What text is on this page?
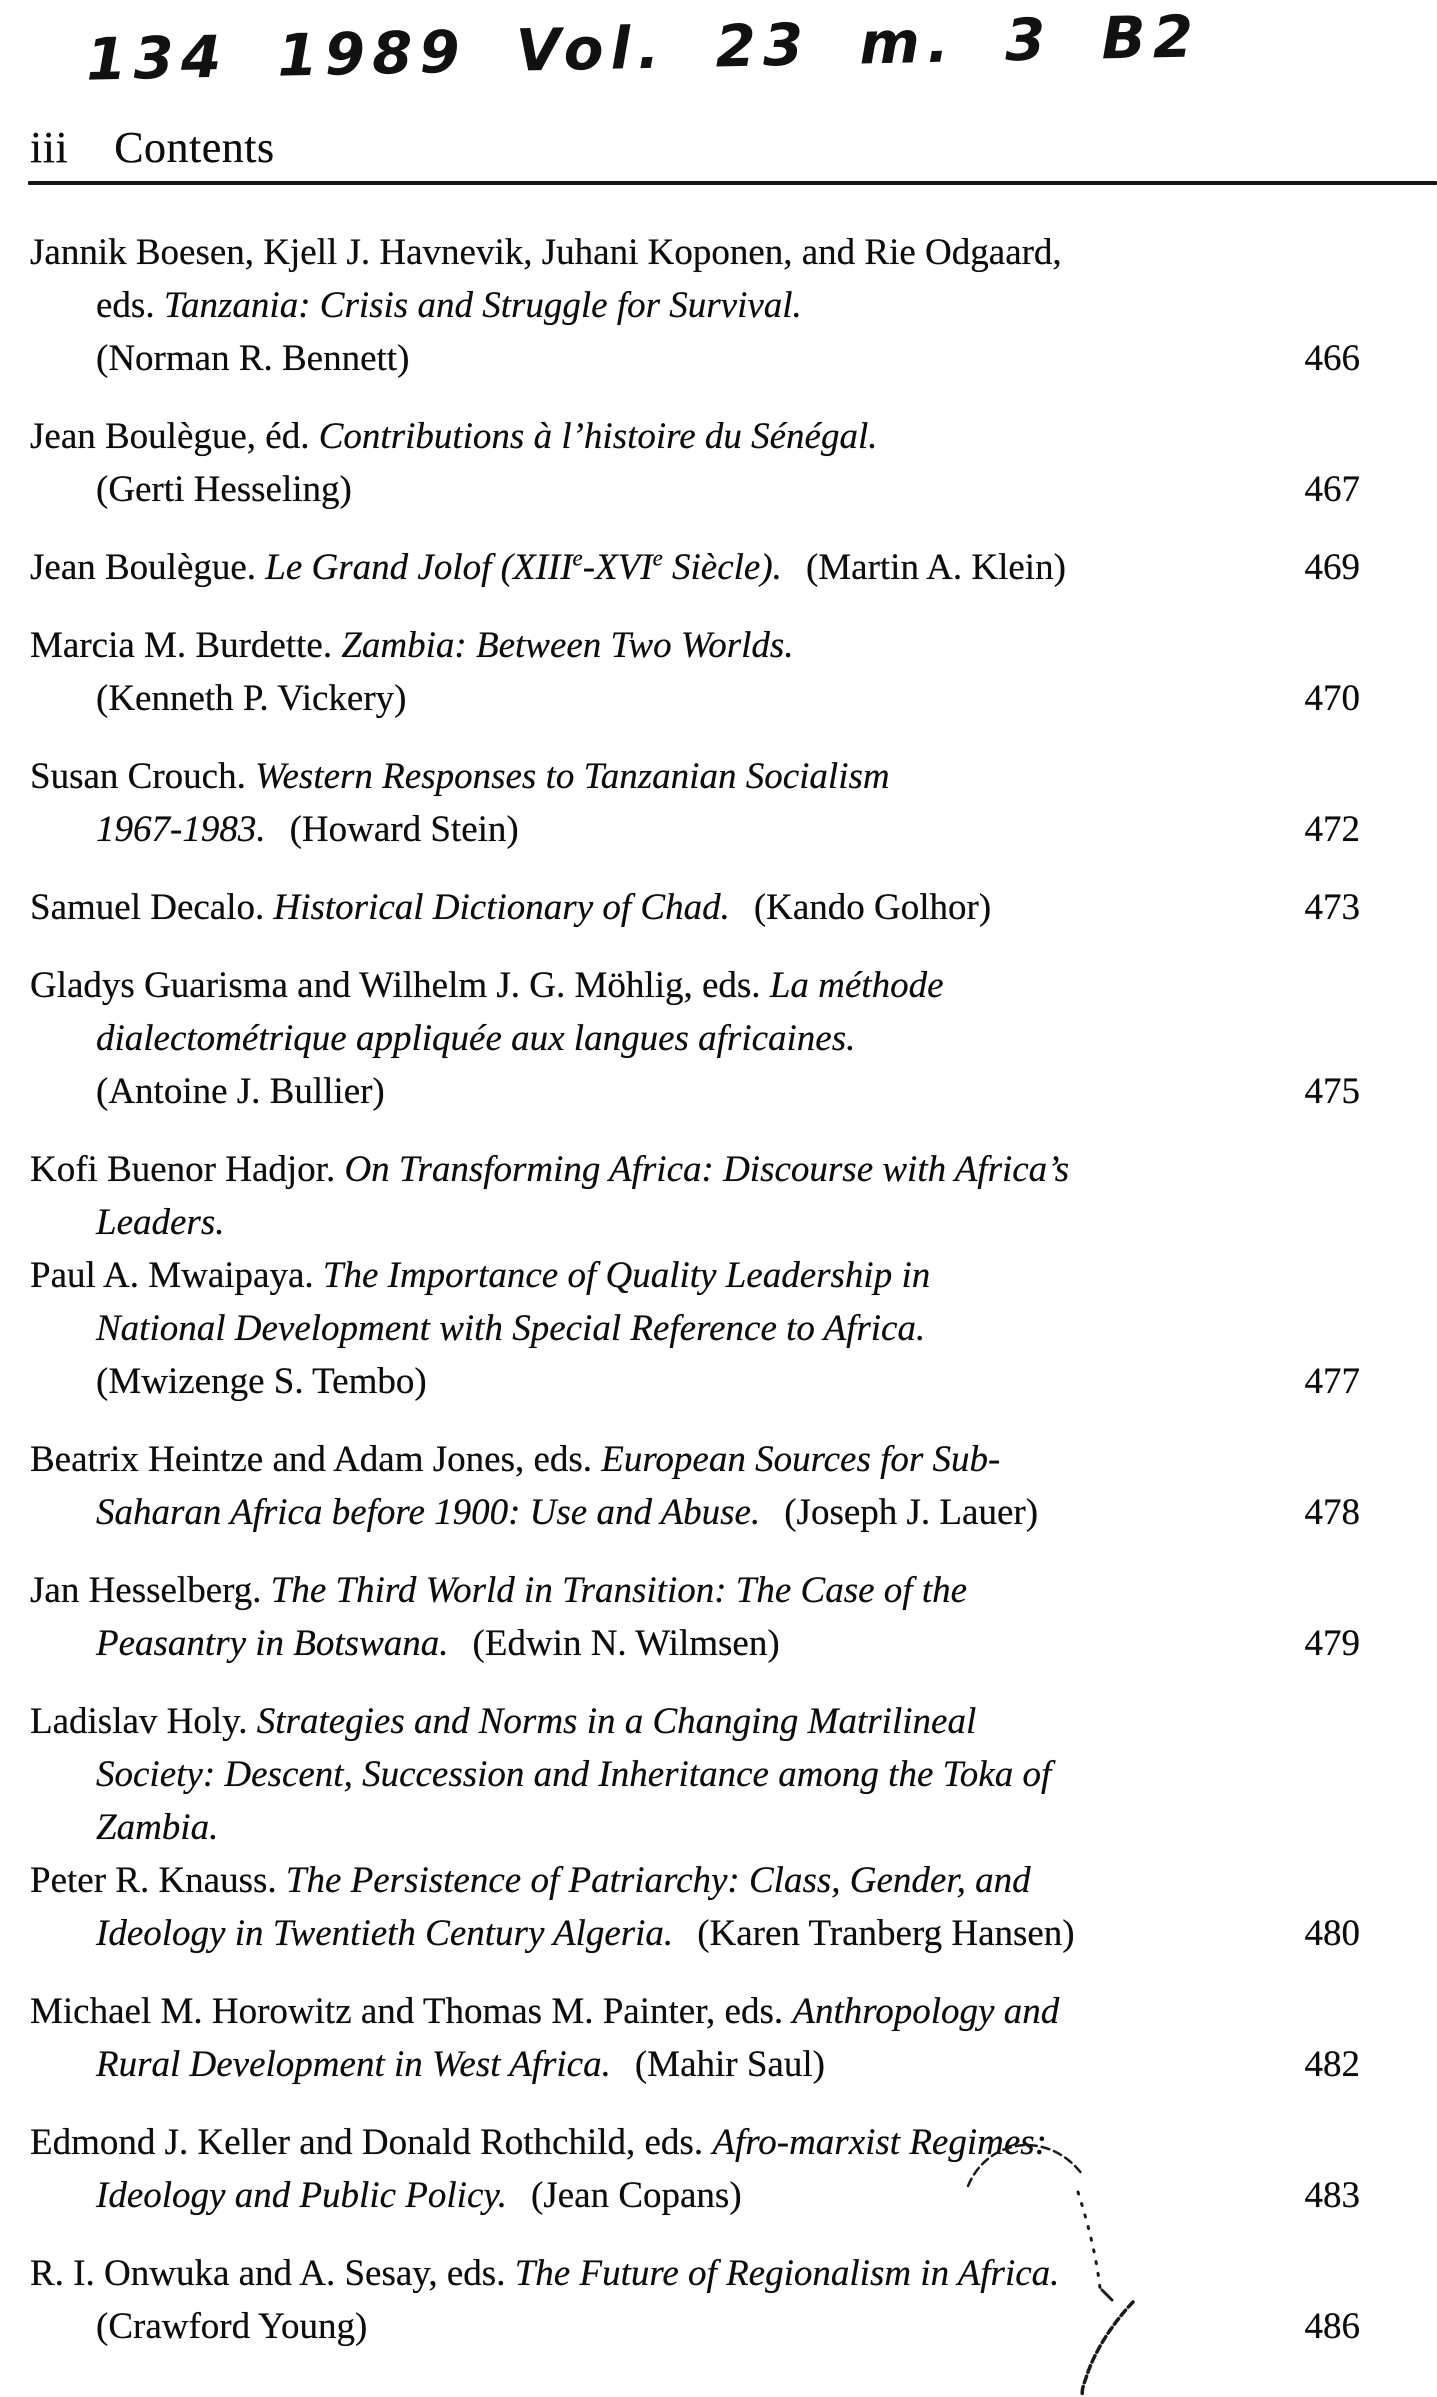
134 1989 Vol. 23 m. 3 B2
iii Contents
Jannik Boesen, Kjell J. Havnevik, Juhani Koponen, and Rie Odgaard,
eds. Tanzania: Crisis and Struggle for Survival.
(Norman R. Bennett)	466
Jean Boulègue, éd. Contributions à l’histoire du Sénégal.
(Gerti Hesseling)	467
Jean Boulègue. Le Grand Jolof (XIIIe-XVIe Siècle). (Martin A. Klein)	469
Marcia M. Burdette. Zambia: Between Two Worlds.
(Kenneth P. Vickery)	470
Susan Crouch. Western Responses to Tanzanian Socialism
1967-1983. (Howard Stein)	472
Samuel Decalo. Historical Dictionary of Chad. (Kando Golhor)	473
Gladys Guarisma and Wilhelm J. G. Möhlig, eds. La méthode
dialectométrique appliquée aux langues africaines.
(Antoine J. Bullier)	475
Kofi Buenor Hadjor. On Transforming Africa: Discourse with Africa’s
Leaders.
Paul A. Mwaipaya. The Importance of Quality Leadership in
National Development with Special Reference to Africa.
(Mwizenge S. Tembo)	477
Beatrix Heintze and Adam Jones, eds. European Sources for Sub-
Saharan Africa before 1900: Use and Abuse. (Joseph J. Lauer)	478
Jan Hesselberg. The Third World in Transition: The Case of the
Peasantry in Botswana. (Edwin N. Wilmsen)	479
Ladislav Holy. Strategies and Norms in a Changing Matrilineal
Society: Descent, Succession and Inheritance among the Toka of
Zambia.
Peter R. Knauss. The Persistence of Patriarchy: Class, Gender, and
Ideology in Twentieth Century Algeria. (Karen Tranberg Hansen)	480
Michael M. Horowitz and Thomas M. Painter, eds. Anthropology and
Rural Development in West Africa. (Mahir Saul)	482
Edmond J. Keller and Donald Rothchild, eds. Afro-marxist Regimes:
Ideology and Public Policy. (Jean Copans)	483
R. I. Onwuka and A. Sesay, eds. The Future of Regionalism in Africa.
(Crawford Young)	486
